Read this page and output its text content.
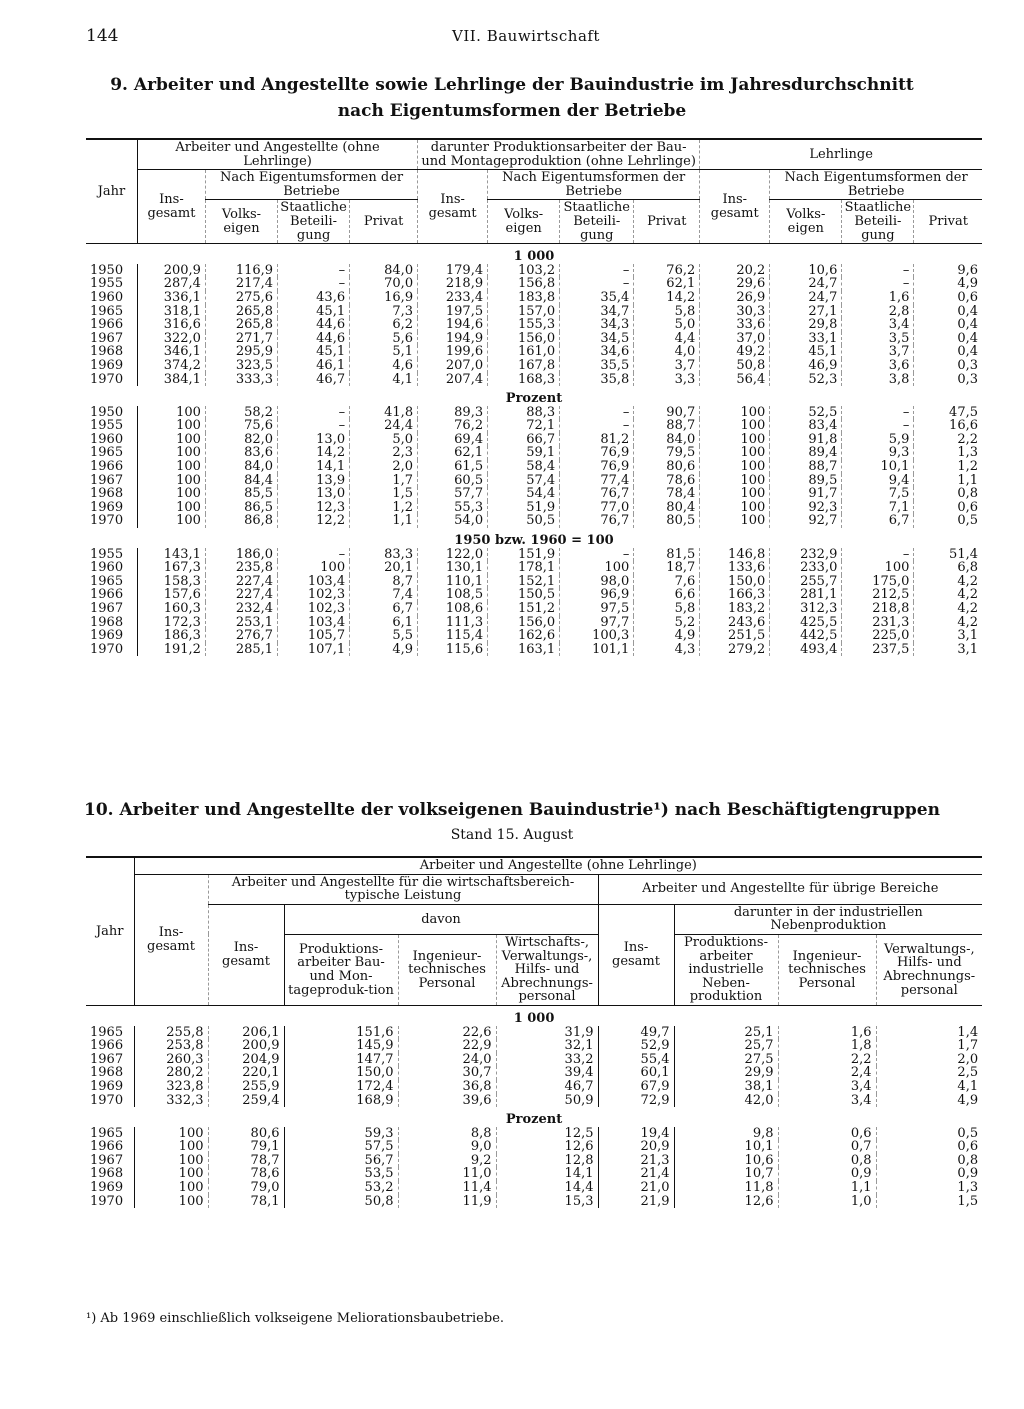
144	VII. Bauwirtschaft
9. Arbeiter und Angestellte sowie Lehrlinge der Bauindustrie im Jahresdurchschnitt
nach Eigentumsformen der Betriebe
Jahr	Arbeiter und Angestellte (ohne Lehrlinge)				darunter Produktionsarbeiter der Bau- und Montageproduktion (ohne Lehrlinge)				Lehrlinge			
	Ins-gesamt	Nach Eigentumsformen der Betriebe			Ins-gesamt	Nach Eigentumsformen der Betriebe			Ins-gesamt	Nach Eigentumsformen der Betriebe		
		Volks-eigen	Staatliche Beteili-gung	Privat		Volks-eigen	Staatliche Beteili-gung	Privat		Volks-eigen	Staatliche Beteili-gung	Privat

1 000												
1950	200,9	116,9	–	84,0	179,4	103,2	–	76,2	20,2	10,6	–	9,6
1955	287,4	217,4	–	70,0	218,9	156,8	–	62,1	29,6	24,7	–	4,9
1960	336,1	275,6	43,6	16,9	233,4	183,8	35,4	14,2	26,9	24,7	1,6	0,6
1965	318,1	265,8	45,1	7,3	197,5	157,0	34,7	5,8	30,3	27,1	2,8	0,4
1966	316,6	265,8	44,6	6,2	194,6	155,3	34,3	5,0	33,6	29,8	3,4	0,4
1967	322,0	271,7	44,6	5,6	194,9	156,0	34,5	4,4	37,0	33,1	3,5	0,4
1968	346,1	295,9	45,1	5,1	199,6	161,0	34,6	4,0	49,2	45,1	3,7	0,4
1969	374,2	323,5	46,1	4,6	207,0	167,8	35,5	3,7	50,8	46,9	3,6	0,3
1970	384,1	333,3	46,7	4,1	207,4	168,3	35,8	3,3	56,4	52,3	3,8	0,3

Prozent												
1950	100	58,2	–	41,8	89,3	88,3	–	90,7	100	52,5	–	47,5
1955	100	75,6	–	24,4	76,2	72,1	–	88,7	100	83,4	–	16,6
1960	100	82,0	13,0	5,0	69,4	66,7	81,2	84,0	100	91,8	5,9	2,2
1965	100	83,6	14,2	2,3	62,1	59,1	76,9	79,5	100	89,4	9,3	1,3
1966	100	84,0	14,1	2,0	61,5	58,4	76,9	80,6	100	88,7	10,1	1,2
1967	100	84,4	13,9	1,7	60,5	57,4	77,4	78,6	100	89,5	9,4	1,1
1968	100	85,5	13,0	1,5	57,7	54,4	76,7	78,4	100	91,7	7,5	0,8
1969	100	86,5	12,3	1,2	55,3	51,9	77,0	80,4	100	92,3	7,1	0,6
1970	100	86,8	12,2	1,1	54,0	50,5	76,7	80,5	100	92,7	6,7	0,5

1950 bzw. 1960 = 100												
1955	143,1	186,0	–	83,3	122,0	151,9	–	81,5	146,8	232,9	–	51,4
1960	167,3	235,8	100	20,1	130,1	178,1	100	18,7	133,6	233,0	100	6,8
1965	158,3	227,4	103,4	8,7	110,1	152,1	98,0	7,6	150,0	255,7	175,0	4,2
1966	157,6	227,4	102,3	7,4	108,5	150,5	96,9	6,6	166,3	281,1	212,5	4,2
1967	160,3	232,4	102,3	6,7	108,6	151,2	97,5	5,8	183,2	312,3	218,8	4,2
1968	172,3	253,1	103,4	6,1	111,3	156,0	97,7	5,2	243,6	425,5	231,3	4,2
1969	186,3	276,7	105,7	5,5	115,4	162,6	100,3	4,9	251,5	442,5	225,0	3,1
1970	191,2	285,1	107,1	4,9	115,6	163,1	101,1	4,3	279,2	493,4	237,5	3,1
10. Arbeiter und Angestellte der volkseigenen Bauindustrie¹) nach Beschäftigtengruppen
Stand 15. August
Jahr	Arbeiter und Angestellte (ohne Lehrlinge)								
	Ins-gesamt	Arbeiter und Angestellte für die wirtschaftsbereich-typische Leistung				Arbeiter und Angestellte für übrige Bereiche			
		Ins-gesamt	davon			Ins-gesamt	darunter in der industriellen Nebenproduktion		
			Produktions-arbeiter Bau- und Mon-tageproduk-tion	Ingenieur-technisches Personal	Wirtschafts-, Verwaltungs-, Hilfs- und Abrechnungs-personal		Produktions-arbeiter industrielle Neben-produktion	Ingenieur-technisches Personal	Verwaltungs-, Hilfs- und Abrechnungs-personal

1 000									
1965	255,8	206,1	151,6	22,6	31,9	49,7	25,1	1,6	1,4
1966	253,8	200,9	145,9	22,9	32,1	52,9	25,7	1,8	1,7
1967	260,3	204,9	147,7	24,0	33,2	55,4	27,5	2,2	2,0
1968	280,2	220,1	150,0	30,7	39,4	60,1	29,9	2,4	2,5
1969	323,8	255,9	172,4	36,8	46,7	67,9	38,1	3,4	4,1
1970	332,3	259,4	168,9	39,6	50,9	72,9	42,0	3,4	4,9

Prozent									
1965	100	80,6	59,3	8,8	12,5	19,4	9,8	0,6	0,5
1966	100	79,1	57,5	9,0	12,6	20,9	10,1	0,7	0,6
1967	100	78,7	56,7	9,2	12,8	21,3	10,6	0,8	0,8
1968	100	78,6	53,5	11,0	14,1	21,4	10,7	0,9	0,9
1969	100	79,0	53,2	11,4	14,4	21,0	11,8	1,1	1,3
1970	100	78,1	50,8	11,9	15,3	21,9	12,6	1,0	1,5
¹) Ab 1969 einschließlich volkseigene Meliorationsbaubetriebe.
